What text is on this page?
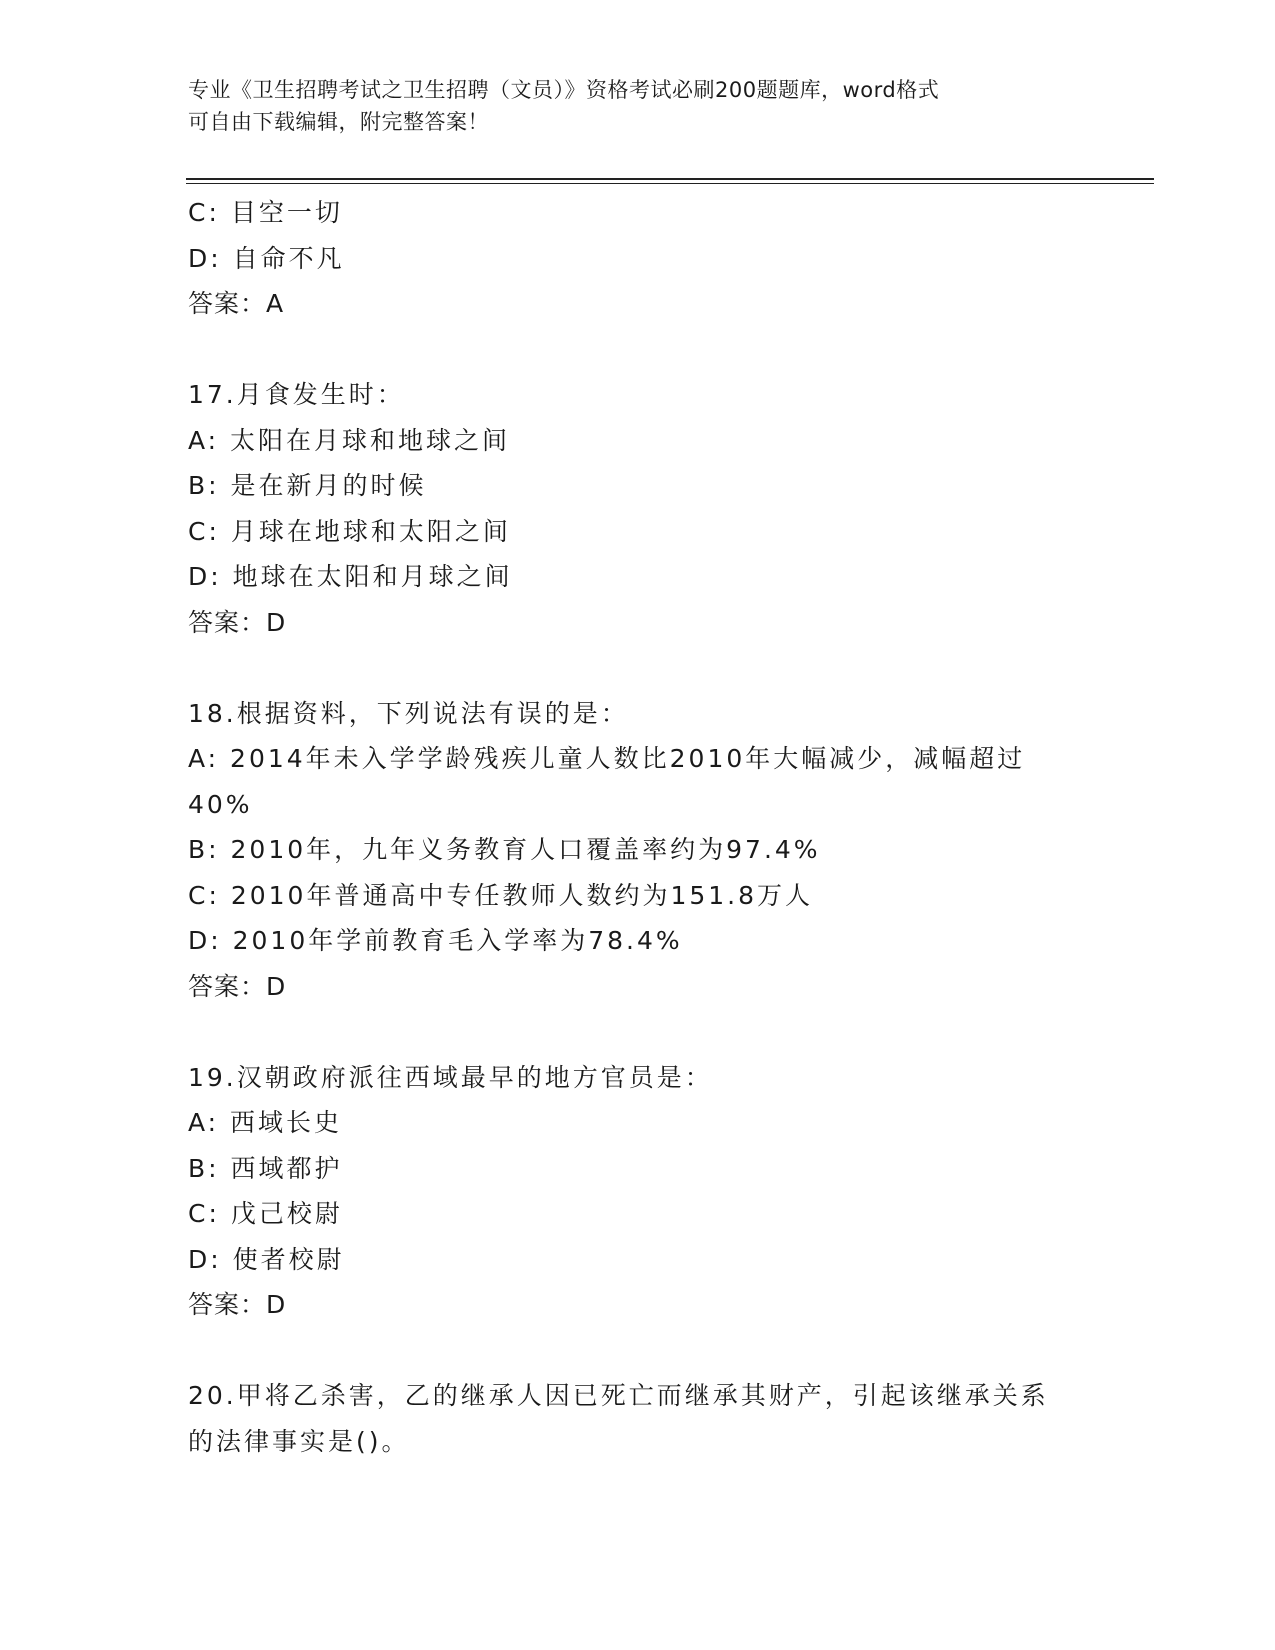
专业《卫生招聘考试之卫生招聘（文员）》资格考试必刷200题题库，word格式
可自由下载编辑，附完整答案！
C: 目空一切
D: 自命不凡
答案：A
17.月食发生时：
A: 太阳在月球和地球之间
B: 是在新月的时候
C: 月球在地球和太阳之间
D: 地球在太阳和月球之间
答案：D
18.根据资料，下列说法有误的是：
A: 2014年未入学学龄残疾儿童人数比2010年大幅减少，减幅超过
40%
B: 2010年，九年义务教育人口覆盖率约为97.4%
C: 2010年普通高中专任教师人数约为151.8万人
D: 2010年学前教育毛入学率为78.4%
答案：D
19.汉朝政府派往西域最早的地方官员是：
A: 西域长史
B: 西域都护
C: 戊己校尉
D: 使者校尉
答案：D
20.甲将乙杀害，乙的继承人因已死亡而继承其财产，引起该继承关系
的法律事实是()。
